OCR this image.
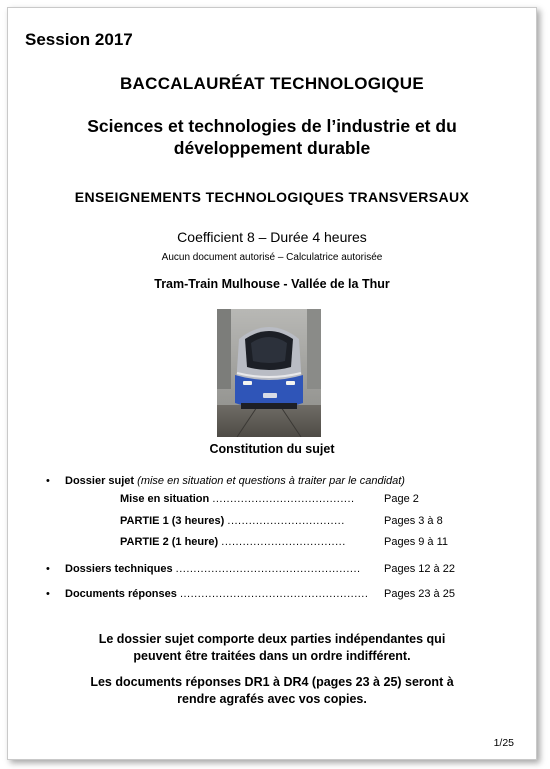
Session 2017
BACCALAURÉAT TECHNOLOGIQUE
Sciences et technologies de l’industrie et du
développement durable
ENSEIGNEMENTS TECHNOLOGIQUES TRANSVERSAUX
Coefficient 8 – Durée 4 heures
Aucun document autorisé – Calculatrice autorisée
Tram-Train Mulhouse - Vallée de la Thur
Constitution du sujet
• Dossier sujet (mise en situation et questions à traiter par le candidat)
Mise en situation ........................................	Page 2
PARTIE 1 (3 heures) .................................	Pages 3 à 8
PARTIE 2 (1 heure) ...................................	Pages 9 à 11
• Dossiers techniques .................................................... Pages 12 à 22
• Documents réponses ..................................................... Pages 23 à 25
Le dossier sujet comporte deux parties indépendantes qui
peuvent être traitées dans un ordre indifférent.
Les documents réponses DR1 à DR4 (pages 23 à 25) seront à
rendre agrafés avec vos copies.
1/25
